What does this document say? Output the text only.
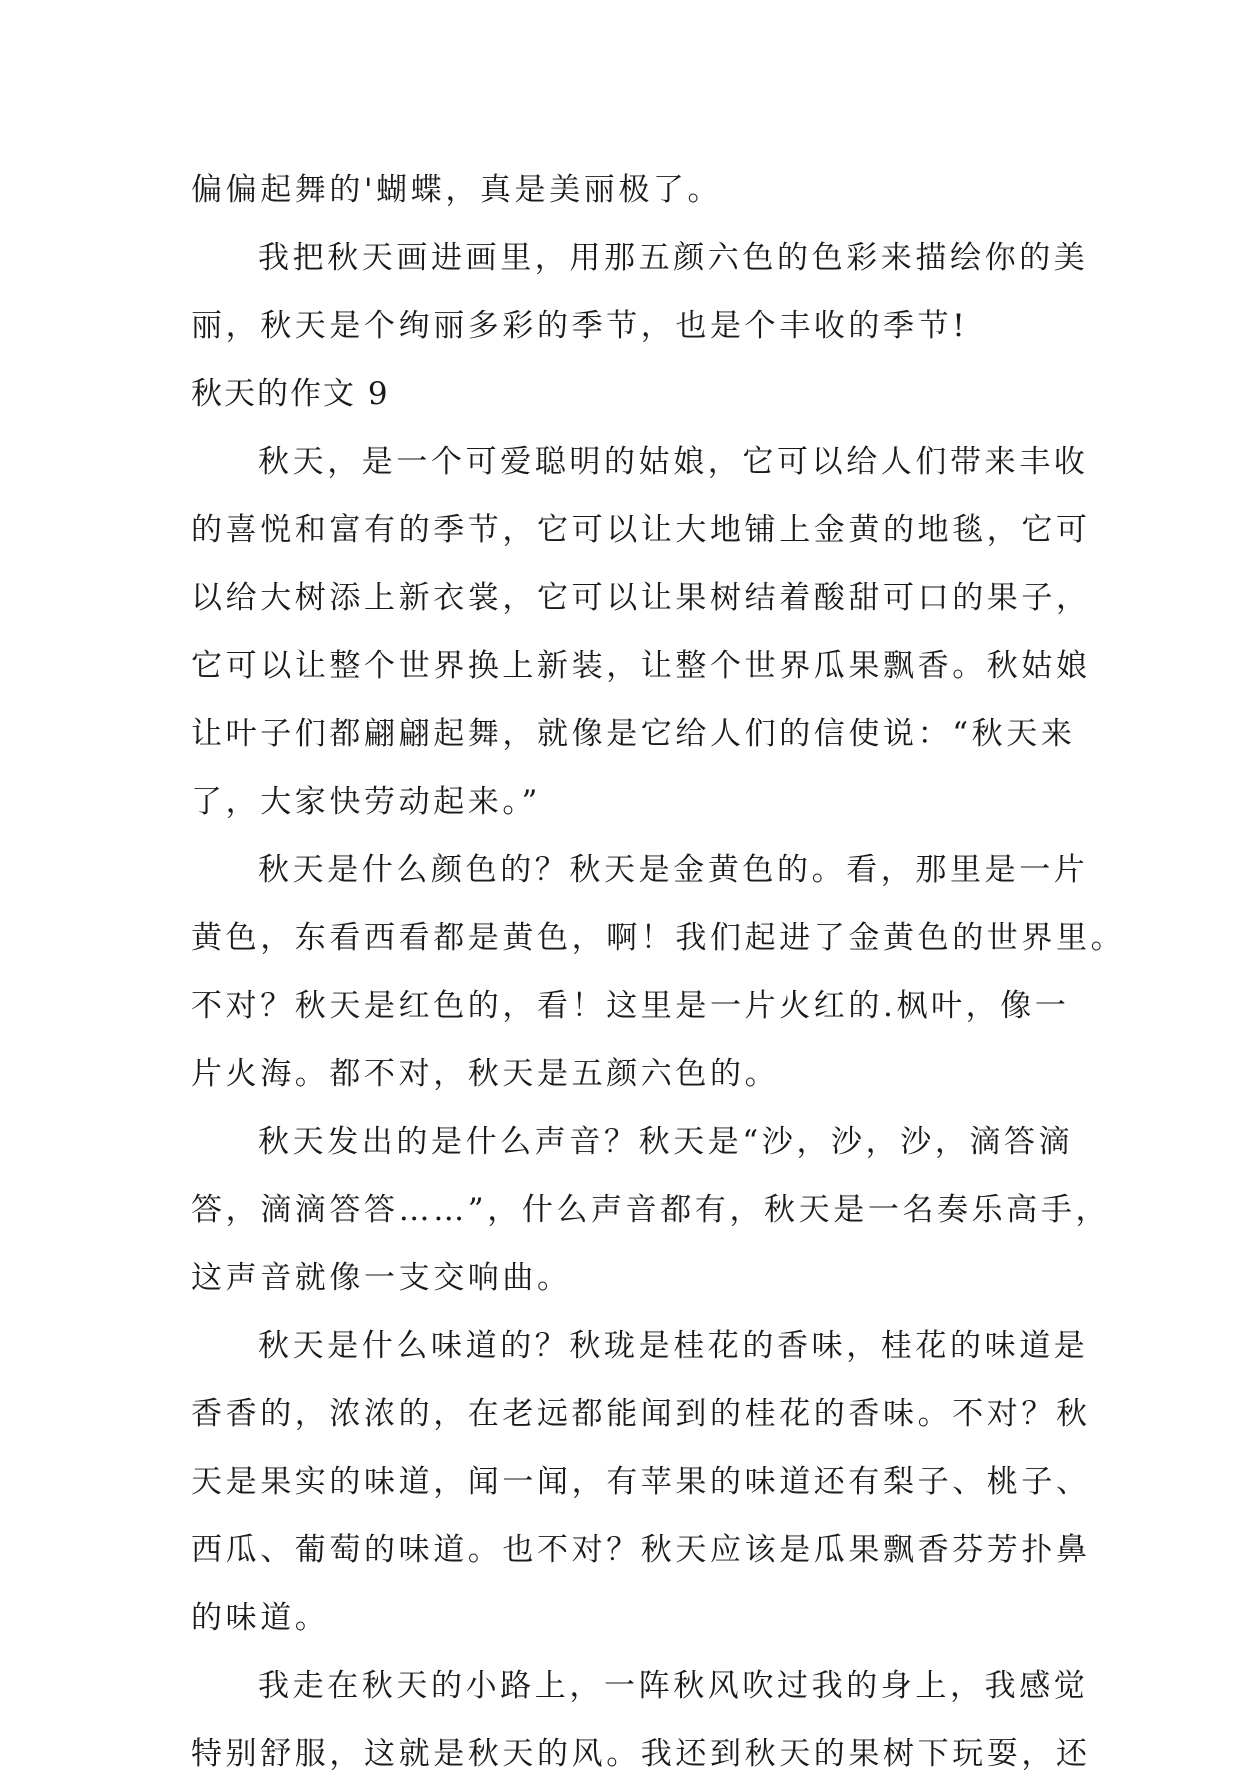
偏偏起舞的'蝴蝶，真是美丽极了。
我把秋天画进画里，用那五颜六色的色彩来描绘你的美
丽，秋天是个绚丽多彩的季节，也是个丰收的季节!
秋天的作文 9
秋天，是一个可爱聪明的姑娘，它可以给人们带来丰收
的喜悦和富有的季节，它可以让大地铺上金黄的地毯，它可
以给大树添上新衣裳，它可以让果树结着酸甜可口的果子，
它可以让整个世界换上新装，让整个世界瓜果飘香。秋姑娘
让叶子们都翩翩起舞，就像是它给人们的信使说：“秋天来
了，大家快劳动起来。”
秋天是什么颜色的？秋天是金黄色的。看，那里是一片
黄色，东看西看都是黄色，啊！我们起进了金黄色的世界里。
不对？秋天是红色的，看！这里是一片火红的.枫叶，像一
片火海。都不对，秋天是五颜六色的。
秋天发出的是什么声音？秋天是“沙，沙，沙，滴答滴
答，滴滴答答……”，什么声音都有，秋天是一名奏乐高手，
这声音就像一支交响曲。
秋天是什么味道的？秋珑是桂花的香味，桂花的味道是
香香的，浓浓的，在老远都能闻到的桂花的香味。不对？秋
天是果实的味道，闻一闻，有苹果的味道还有梨子、桃子、
西瓜、葡萄的味道。也不对？秋天应该是瓜果飘香芬芳扑鼻
的味道。
我走在秋天的小路上，一阵秋风吹过我的身上，我感觉
特别舒服，这就是秋天的风。我还到秋天的果树下玩耍，还
